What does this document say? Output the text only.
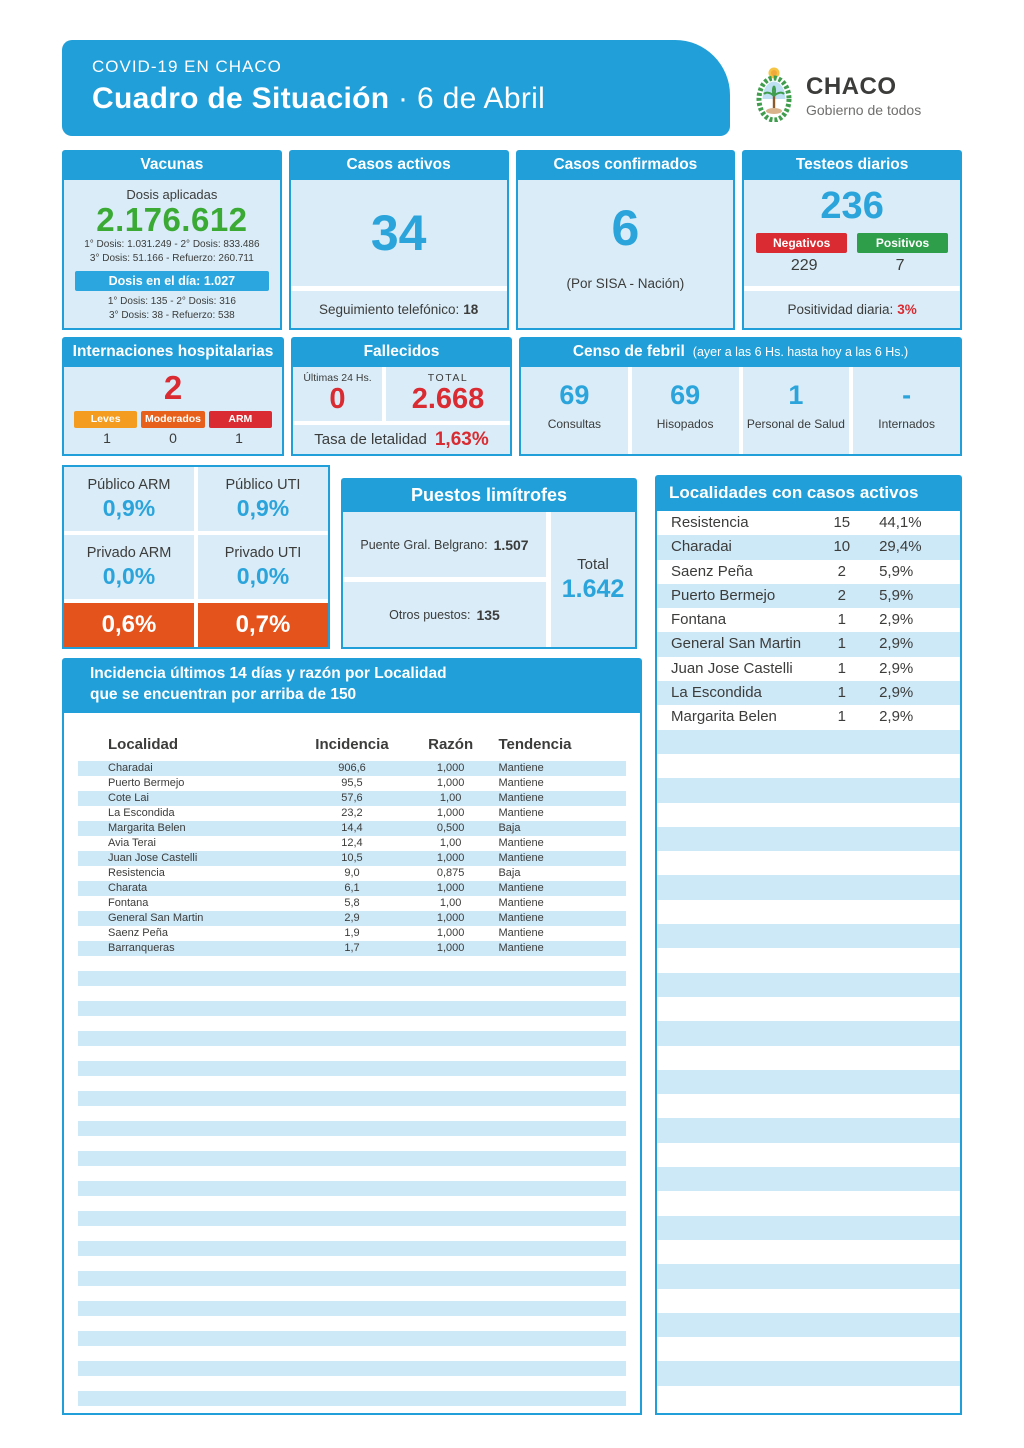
COVID-19 EN CHACO
Cuadro de Situación · 6 de Abril	CHACO
Gobierno de todos
Vacunas
Dosis aplicadas
2.176.612
1° Dosis: 1.031.249 - 2° Dosis: 833.486
3° Dosis: 51.166 - Refuerzo: 260.711
Dosis en el día: 1.027
1° Dosis: 135 - 2° Dosis: 316
3° Dosis: 38 - Refuerzo: 538
Casos activos
34
Seguimiento telefónico: 18
Casos confirmados
6
(Por SISA - Nación)
Testeos diarios
236
Negativos	Positivos
229	7
Positividad diaria: 3%
Internaciones hospitalarias
2
Leves	Moderados	ARM
1	0	1
Fallecidos
Últimas 24 Hs.
0
TOTAL
2.668
Tasa de letalidad 1,63%
Censo de febril (ayer a las 6 Hs. hasta hoy a las 6 Hs.)
69
Consultas
69
Hisopados
1
Personal de Salud
-
Internados
Público ARM
0,9%
Público UTI
0,9%
Privado ARM
0,0%
Privado UTI
0,0%
0,6%	0,7%
Puestos limítrofes
Puente Gral. Belgrano: 1.507
Otros puestos: 135
Total
1.642
Localidades con casos activos
Resistencia	15	44,1%
Charadai	10	29,4%
Saenz Peña	2	5,9%
Puerto Bermejo	2	5,9%
Fontana	1	2,9%
General San Martin	1	2,9%
Juan Jose Castelli	1	2,9%
La Escondida	1	2,9%
Margarita Belen	1	2,9%
Incidencia últimos 14 días y razón por Localidad
que se encuentran por arriba de 150
Localidad	Incidencia	Razón	Tendencia
Charadai	906,6	1,000	Mantiene
Puerto Bermejo	95,5	1,000	Mantiene
Cote Lai	57,6	1,00	Mantiene
La Escondida	23,2	1,000	Mantiene
Margarita Belen	14,4	0,500	Baja
Avia Terai	12,4	1,00	Mantiene
Juan Jose Castelli	10,5	1,000	Mantiene
Resistencia	9,0	0,875	Baja
Charata	6,1	1,000	Mantiene
Fontana	5,8	1,00	Mantiene
General San Martin	2,9	1,000	Mantiene
Saenz Peña	1,9	1,000	Mantiene
Barranqueras	1,7	1,000	Mantiene
